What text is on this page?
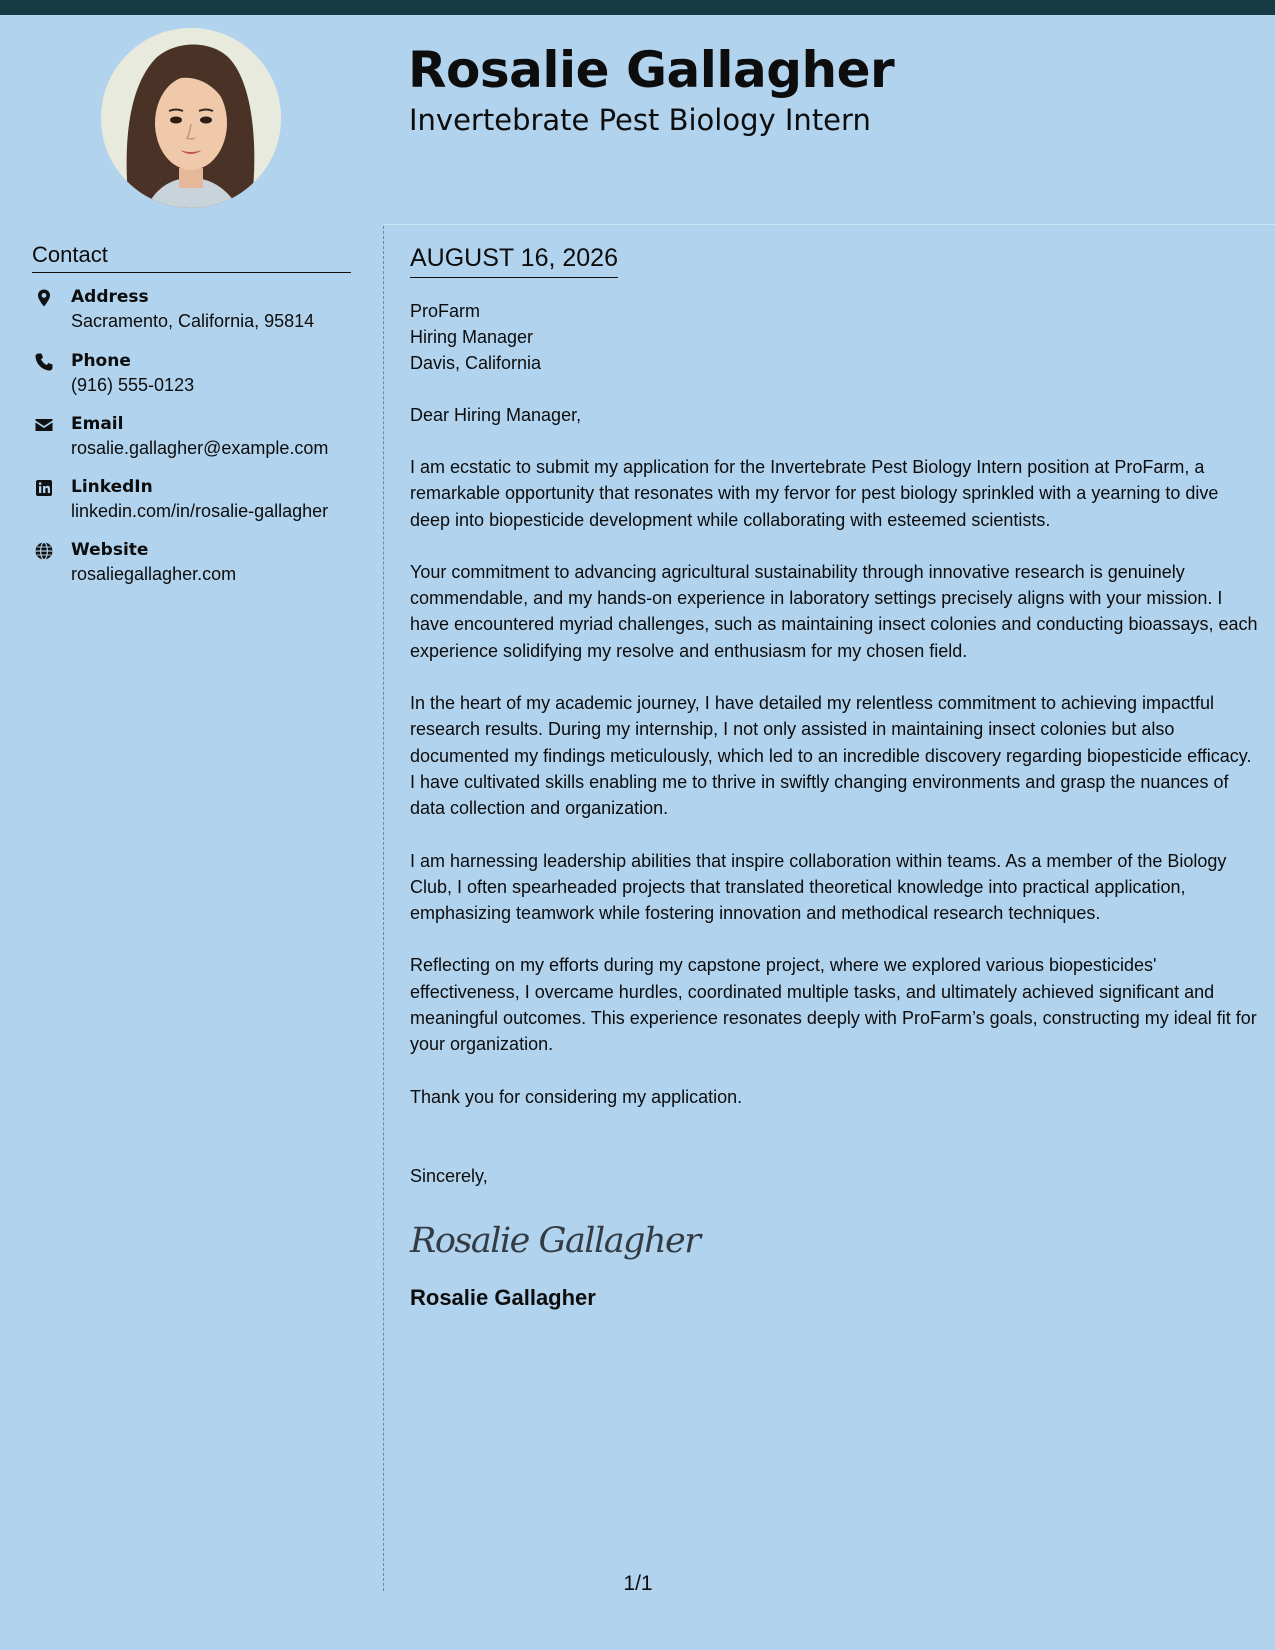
Rosalie Gallagher
Invertebrate Pest Biology Intern
Contact
Address
Sacramento, California, 95814
Phone
(916) 555-0123
Email
rosalie.gallagher@example.com
LinkedIn
linkedin.com/in/rosalie-gallagher
Website
rosaliegallagher.com
AUGUST 16, 2026
ProFarm
Hiring Manager
Davis, California
Dear Hiring Manager,

I am ecstatic to submit my application for the Invertebrate Pest Biology Intern position at ProFarm, a remarkable opportunity that resonates with my fervor for pest biology sprinkled with a yearning to dive deep into biopesticide development while collaborating with esteemed scientists.

Your commitment to advancing agricultural sustainability through innovative research is genuinely commendable, and my hands-on experience in laboratory settings precisely aligns with your mission. I have encountered myriad challenges, such as maintaining insect colonies and conducting bioassays, each experience solidifying my resolve and enthusiasm for my chosen field.

In the heart of my academic journey, I have detailed my relentless commitment to achieving impactful research results. During my internship, I not only assisted in maintaining insect colonies but also documented my findings meticulously, which led to an incredible discovery regarding biopesticide efficacy. I have cultivated skills enabling me to thrive in swiftly changing environments and grasp the nuances of data collection and organization.

I am harnessing leadership abilities that inspire collaboration within teams. As a member of the Biology Club, I often spearheaded projects that translated theoretical knowledge into practical application, emphasizing teamwork while fostering innovation and methodical research techniques.

Reflecting on my efforts during my capstone project, where we explored various biopesticides' effectiveness, I overcame hurdles, coordinated multiple tasks, and ultimately achieved significant and meaningful outcomes. This experience resonates deeply with ProFarm’s goals, constructing my ideal fit for your organization.

Thank you for considering my application.

Sincerely,
Rosalie Gallagher
Rosalie Gallagher
1/1
